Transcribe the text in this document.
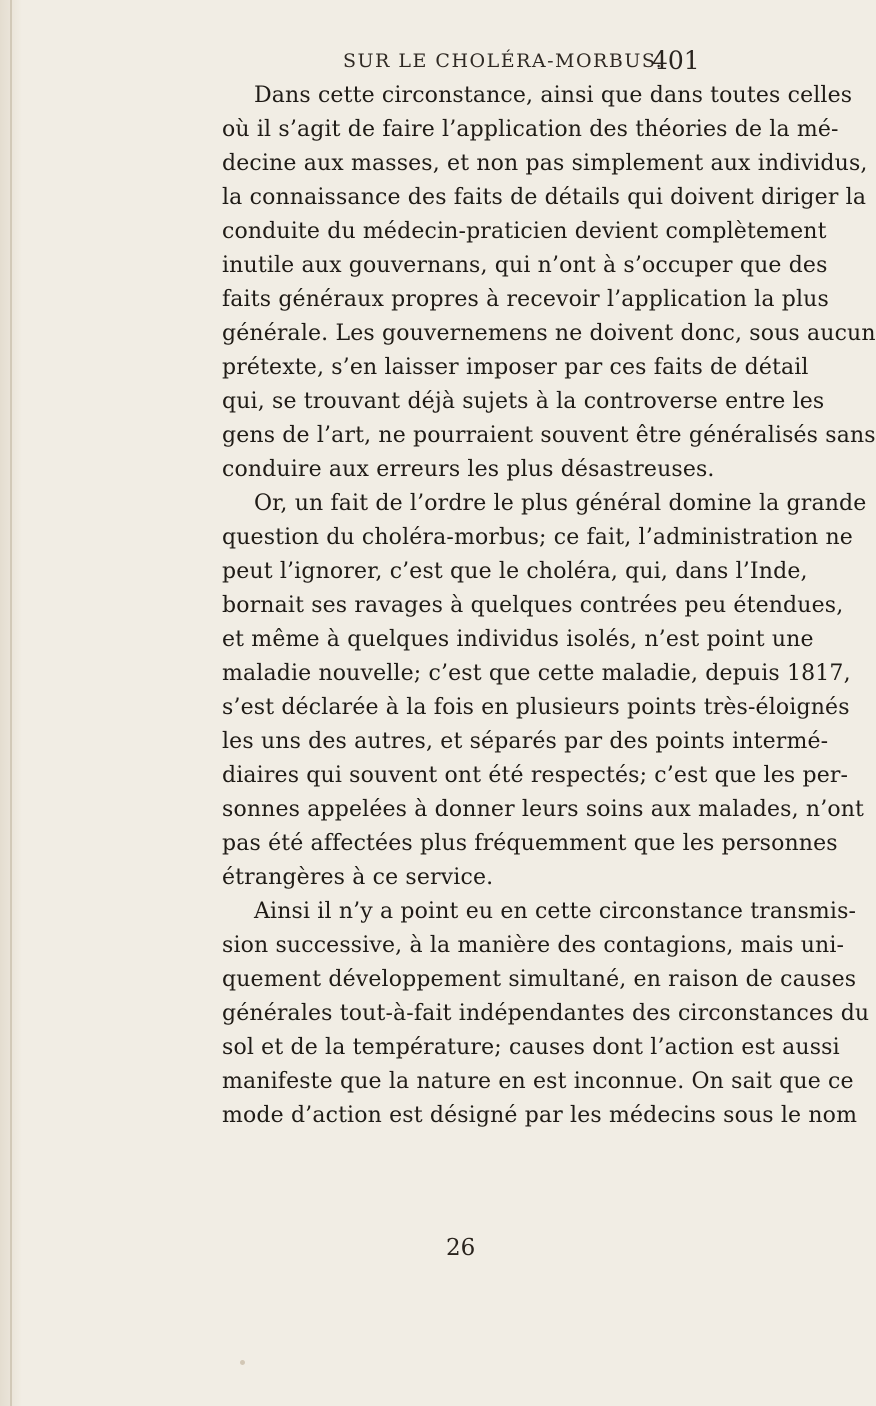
SUR LE CHOLÉRA-MORBUS.
401
Dans cette circonstance, ainsi que dans toutes celles
où il s’agit de faire l’application des théories de la mé-
decine aux masses, et non pas simplement aux individus,
la connaissance des faits de détails qui doivent diriger la
conduite du médecin-praticien devient complètement
inutile aux gouvernans, qui n’ont à s’occuper que des
faits généraux propres à recevoir l’application la plus
générale. Les gouvernemens ne doivent donc, sous aucun
prétexte, s’en laisser imposer par ces faits de détail
qui, se trouvant déjà sujets à la controverse entre les
gens de l’art, ne pourraient souvent être généralisés sans
conduire aux erreurs les plus désastreuses.
Or, un fait de l’ordre le plus général domine la grande
question du choléra-morbus; ce fait, l’administration ne
peut l’ignorer, c’est que le choléra, qui, dans l’Inde,
bornait ses ravages à quelques contrées peu étendues,
et même à quelques individus isolés, n’est point une
maladie nouvelle; c’est que cette maladie, depuis 1817,
s’est déclarée à la fois en plusieurs points très-éloignés
les uns des autres, et séparés par des points intermé-
diaires qui souvent ont été respectés; c’est que les per-
sonnes appelées à donner leurs soins aux malades, n’ont
pas été affectées plus fréquemment que les personnes
étrangères à ce service.
Ainsi il n’y a point eu en cette circonstance transmis-
sion successive, à la manière des contagions, mais uni-
quement développement simultané, en raison de causes
générales tout-à-fait indépendantes des circonstances du
sol et de la température; causes dont l’action est aussi
manifeste que la nature en est inconnue. On sait que ce
mode d’action est désigné par les médecins sous le nom
26
